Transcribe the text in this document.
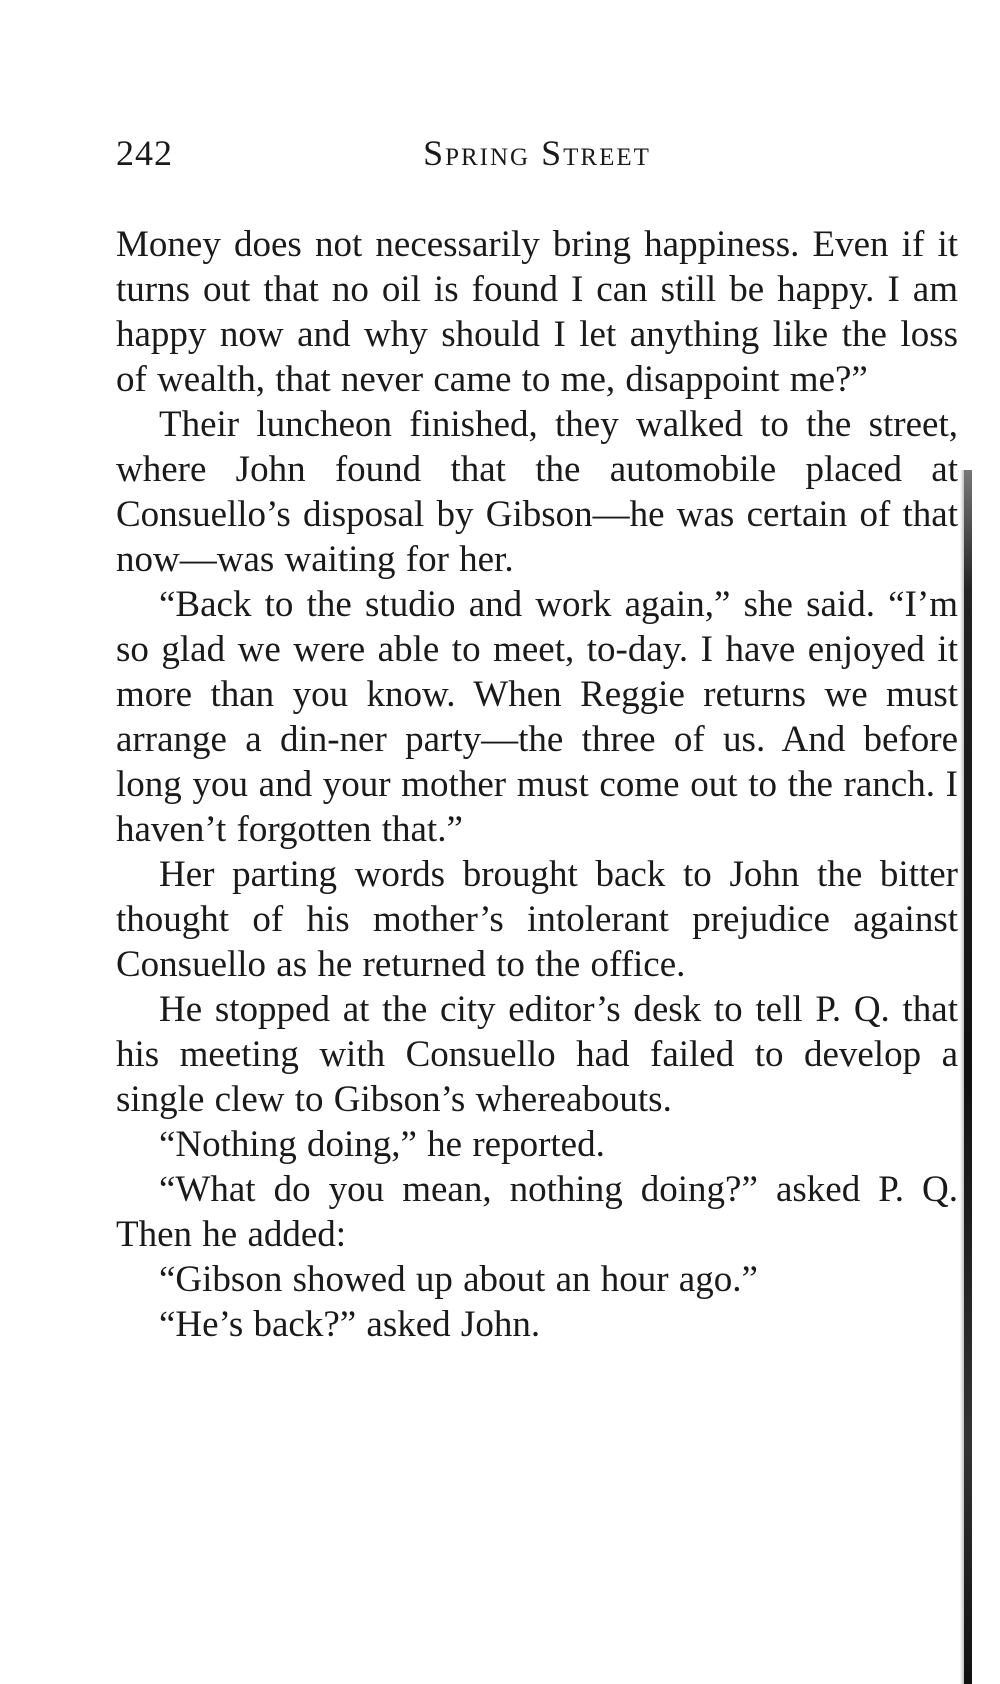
242	Spring Street

Money does not necessarily bring happiness. Even if it turns out that no oil is found I can still be happy. I am happy now and why should I let anything like the loss of wealth, that never came to me, disappoint me?”

Their luncheon finished, they walked to the street, where John found that the automobile placed at Consuello’s disposal by Gibson—he was certain of that now—was waiting for her.

“Back to the studio and work again,” she said. “I’m so glad we were able to meet, to-day. I have enjoyed it more than you know. When Reggie returns we must arrange a din-ner party—the three of us. And before long you and your mother must come out to the ranch. I haven’t forgotten that.”

Her parting words brought back to John the bitter thought of his mother’s intolerant prejudice against Consuello as he returned to the office.

He stopped at the city editor’s desk to tell P. Q. that his meeting with Consuello had failed to develop a single clew to Gibson’s whereabouts.

“Nothing doing,” he reported.

“What do you mean, nothing doing?” asked P. Q. Then he added:

“Gibson showed up about an hour ago.”

“He’s back?” asked John.
